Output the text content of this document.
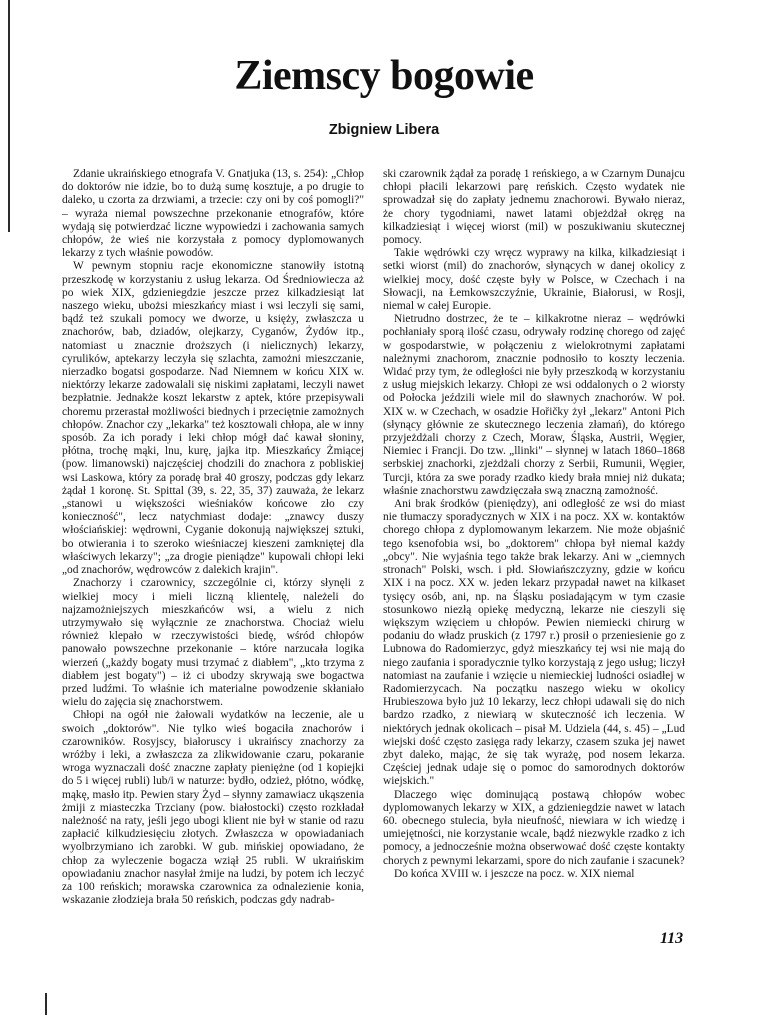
Ziemscy bogowie
Zbigniew Libera

Zdanie ukraińskiego etnografa V. Gnatjuka (13, s. 254): „Chłop do doktorów nie idzie, bo to dużą sumę kosztuje, a po drugie to daleko, u czorta za drzwiami, a trzecie: czy oni by coś pomogli?" – wyraża niemal powszechne przekonanie etnografów, które wydają się potwierdzać liczne wypowiedzi i zachowania samych chłopów, że wieś nie korzystała z pomocy dyplomowanych lekarzy z tych właśnie powodów.

W pewnym stopniu racje ekonomiczne stanowiły istotną przeszkodę w korzystaniu z usług lekarza. Od Średniowiecza aż po wiek XIX, gdzieniegdzie jeszcze przez kilkadziesiąt lat naszego wieku, ubożsi mieszkańcy miast i wsi leczyli się sami, bądź też szukali pomocy we dworze, u księży, zwłaszcza u znachorów, bab, dziadów, olejkarzy, Cyganów, Żydów itp., natomiast u znacznie droższych (i nielicznych) lekarzy, cyrulików, aptekarzy leczyła się szlachta, zamożni mieszczanie, nierzadko bogatsi gospodarze. Nad Niemnem w końcu XIX w. niektórzy lekarze zadowalali się niskimi zapłatami, leczyli nawet bezpłatnie. Jednakże koszt lekarstw z aptek, które przepisywali choremu przerastał możliwości biednych i przeciętnie zamożnych chłopów. Znachor czy „lekarka" też kosztowali chłopa, ale w inny sposób. Za ich porady i leki chłop mógł dać kawał słoniny, płótna, trochę mąki, lnu, kurę, jajka itp. Mieszkańcy Żmiącej (pow. limanowski) najczęściej chodzili do znachora z pobliskiej wsi Laskowa, który za poradę brał 40 groszy, podczas gdy lekarz żądał 1 koronę. St. Spittal (39, s. 22, 35, 37) zauważa, że lekarz „stanowi u większości wieśniaków końcowe zło czy konieczność", lecz natychmiast dodaje: „znawcy duszy włościańskiej: wędrowni, Cyganie dokonują największej sztuki, bo otwierania i to szeroko wieśniaczej kieszeni zamkniętej dla właściwych lekarzy"; „za drogie pieniądze" kupowali chłopi leki „od znachorów, wędrowców z dalekich krajin".

Znachorzy i czarownicy, szczególnie ci, którzy słynęli z wielkiej mocy i mieli liczną klientelę, należeli do najzamożniejszych mieszkańców wsi, a wielu z nich utrzymywało się wyłącznie ze znachorstwa. Chociaż wielu również klepało w rzeczywistości biedę, wśród chłopów panowało powszechne przekonanie – które narzucała logika wierzeń („każdy bogaty musi trzymać z diabłem", „kto trzyma z diabłem jest bogaty") – iż ci ubodzy skrywają swe bogactwa przed ludźmi. To właśnie ich materialne powodzenie skłaniało wielu do zajęcia się znachorstwem.

Chłopi na ogół nie żałowali wydatków na leczenie, ale u swoich „doktorów". Nie tylko wieś bogaciła znachorów i czarowników. Rosyjscy, białoruscy i ukraińscy znachorzy za wróżby i leki, a zwłaszcza za zlikwidowanie czaru, pokaranie wroga wyznaczali dość znaczne zapłaty pieniężne (od 1 kopiejki do 5 i więcej rubli) lub/i w naturze: bydło, odzież, płótno, wódkę, mąkę, masło itp. Pewien stary Żyd – słynny zamawiacz ukąszenia żmiji z miasteczka Trzciany (pow. białostocki) często rozkładał należność na raty, jeśli jego ubogi klient nie był w stanie od razu zapłacić kilkudziesięciu złotych. Zwłaszcza w opowiadaniach wyolbrzymiano ich zarobki. W gub. mińskiej opowiadano, że chłop za wyleczenie bogacza wziął 25 rubli. W ukraińskim opowiadaniu znachor nasyłał żmije na ludzi, by potem ich leczyć za 100 reńskich; morawska czarownica za odnalezienie konia, wskazanie złodzieja brała 50 reńskich, podczas gdy nadrab-

ski czarownik żądał za poradę 1 reńskiego, a w Czarnym Dunajcu chłopi płacili lekarzowi parę reńskich. Często wydatek nie sprowadzał się do zapłaty jednemu znachorowi. Bywało nieraz, że chory tygodniami, nawet latami objeżdżał okręg na kilkadziesiąt i więcej wiorst (mil) w poszukiwaniu skutecznej pomocy.

Takie wędrówki czy wręcz wyprawy na kilka, kilkadziesiąt i setki wiorst (mil) do znachorów, słynących w danej okolicy z wielkiej mocy, dość częste były w Polsce, w Czechach i na Słowacji, na Łemkowszczyźnie, Ukrainie, Białorusi, w Rosji, niemal w całej Europie.

Nietrudno dostrzec, że te – kilkakrotne nieraz – wędrówki pochłaniały sporą ilość czasu, odrywały rodzinę chorego od zajęć w gospodarstwie, w połączeniu z wielokrotnymi zapłatami należnymi znachorom, znacznie podnosiło to koszty leczenia. Widać przy tym, że odległości nie były przeszkodą w korzystaniu z usług miejskich lekarzy. Chłopi ze wsi oddalonych o 2 wiorsty od Połocka jeździli wiele mil do sławnych znachorów. W poł. XIX w. w Czechach, w osadzie Hořičky żył „lekarz" Antoni Pich (słynący głównie ze skutecznego leczenia złamań), do którego przyjeżdżali chorzy z Czech, Moraw, Śląska, Austrii, Węgier, Niemiec i Francji. Do tzw. „llinki" – słynnej w latach 1860–1868 serbskiej znachorki, zjeżdżali chorzy z Serbii, Rumunii, Węgier, Turcji, która za swe porady rzadko kiedy brała mniej niż dukata; właśnie znachorstwu zawdzięczała swą znaczną zamożność.

Ani brak środków (pieniędzy), ani odległość ze wsi do miast nie tłumaczy sporadycznych w XIX i na pocz. XX w. kontaktów chorego chłopa z dyplomowanym lekarzem. Nie może objaśnić tego ksenofobia wsi, bo „doktorem" chłopa był niemal każdy „obcy". Nie wyjaśnia tego także brak lekarzy. Ani w „ciemnych stronach" Polski, wsch. i płd. Słowiańszczyzny, gdzie w końcu XIX i na pocz. XX w. jeden lekarz przypadał nawet na kilkaset tysięcy osób, ani, np. na Śląsku posiadającym w tym czasie stosunkowo niezłą opiekę medyczną, lekarze nie cieszyli się większym wzięciem u chłopów. Pewien niemiecki chirurg w podaniu do władz pruskich (z 1797 r.) prosił o przeniesienie go z Lubnowa do Radomierzyc, gdyż mieszkańcy tej wsi nie mają do niego zaufania i sporadycznie tylko korzystają z jego usług; liczył natomiast na zaufanie i wzięcie u niemieckiej ludności osiadłej w Radomierzycach. Na początku naszego wieku w okolicy Hrubieszowa było już 10 lekarzy, lecz chłopi udawali się do nich bardzo rzadko, z niewiarą w skuteczność ich leczenia. W niektórych jednak okolicach – pisał M. Udziela (44, s. 45) – „Lud wiejski dość często zasięga rady lekarzy, czasem szuka jej nawet zbyt daleko, mając, że się tak wyrażę, pod nosem lekarza. Częściej jednak udaje się o pomoc do samorodnych doktorów wiejskich."

Dlaczego więc dominującą postawą chłopów wobec dyplomowanych lekarzy w XIX, a gdzieniegdzie nawet w latach 60. obecnego stulecia, była nieufność, niewiara w ich wiedzę i umiejętności, nie korzystanie wcale, bądź niezwykle rzadko z ich pomocy, a jednocześnie można obserwować dość częste kontakty chorych z pewnymi lekarzami, spore do nich zaufanie i szacunek?

Do końca XVIII w. i jeszcze na pocz. w. XIX niemal

113
